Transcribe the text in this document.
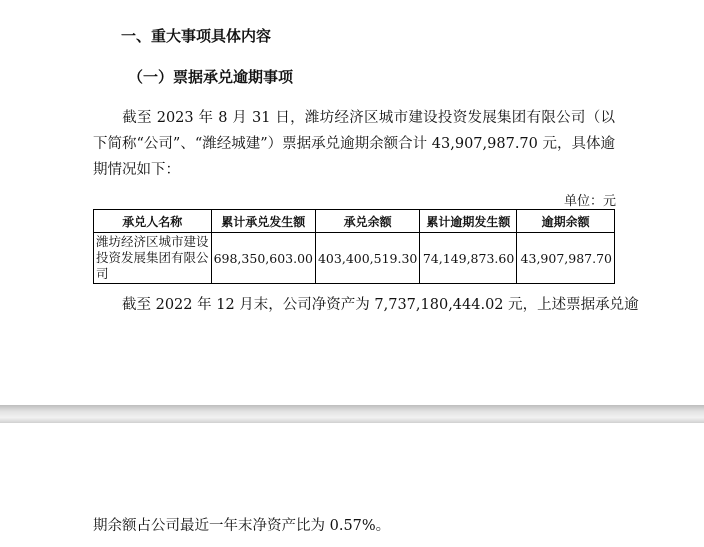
一、重大事项具体内容
（一）票据承兑逾期事项
截至 2023 年 8 月 31 日，潍坊经济区城市建设投资发展集团有限公司（以下简称“公司”、“潍经城建”）票据承兑逾期余额合计 43,907,987.70 元，具体逾期情况如下：
单位：元
承兑人名称	累计承兑发生额	承兑余额	累计逾期发生额	逾期余额
潍坊经济区城市建设投资发展集团有限公司	698,350,603.00	403,400,519.30	74,149,873.60	43,907,987.70
截至 2022 年 12 月末，公司净资产为 7,737,180,444.02 元，上述票据承兑逾
期余额占公司最近一年末净资产比为 0.57%。
